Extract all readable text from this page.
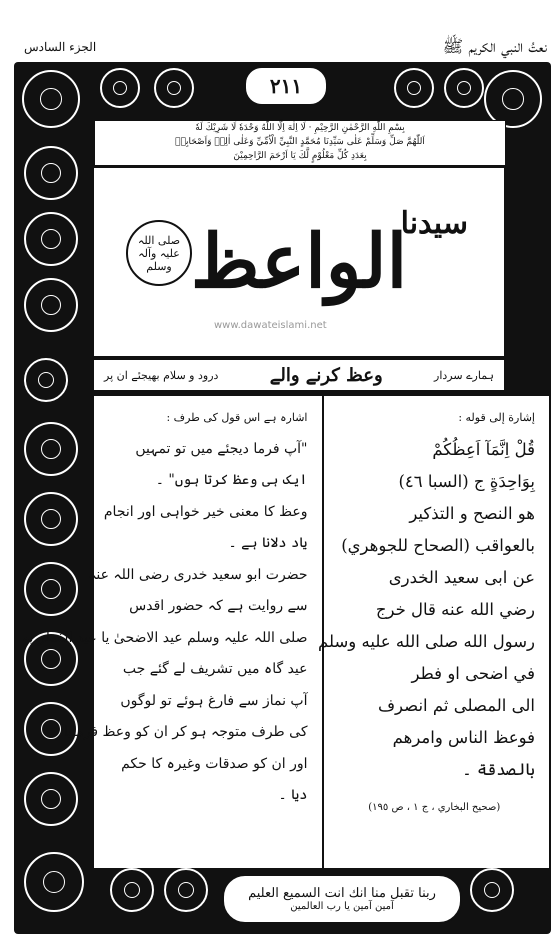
الجزء السادس	نعتُ النبي الكريم ﷺ
٢١١
بِسْمِ اللّٰهِ الرَّحْمٰنِ الرَّحِيْمِ · لَا اِلٰهَ اِلَّا اللّٰهُ وَحْدَهٗ لَا شَرِيْكَ لَهٗ
اَللّٰهُمَّ صَلِّ وَسَلِّمْ عَلٰى سَيِّدِنَا مُحَمَّدٍ النَّبِيِّ الْاُمِّيِّ وَعَلٰى اٰلِهٖ وَاَصْحَابِهٖ
بِعَدَدِ كُلِّ مَعْلُوْمٍ لَّكَ يَا اَرْحَمَ الرَّاحِمِيْنَ
الواعظ
سیدنا
صلی اللہ علیہ وآلہ وسلم
www.dawateislami.net
ہمارے سردار
وعظ کرنے والے
درود و سلام بھیجئے ان پر
اشارہ ہے اس قول کی طرف :
"آپ فرما دیجئے میں تو تمہیں
ایک ہی وعظ کرتا ہوں" ۔
وعظ کا معنی خیر خواہی اور انجام
یاد دلانا ہے ۔
حضرت ابو سعید خدری رضی اللہ عنہ
سے روایت ہے کہ حضور اقدس
صلی اللہ علیہ وسلم عید الاضحیٰ یا عید الفطر پہ
عید گاہ میں تشریف لے گئے جب
آپ نماز سے فارغ ہوئے تو لوگوں
کی طرف متوجہ ہو کر ان کو وعظ فرمایا
اور ان کو صدقات وغیرہ کا حکم
دیا ۔
إشارة إلى قوله :
قُلْ اِنَّمَآ اَعِظُكُمْ
بِوَاحِدَةٍ ج (السبا ٤٦)
هو النصح و التذكير
بالعواقب (الصحاح للجوهري)
عن ابى سعيد الخدرى
رضي الله عنه قال خرج
رسول الله صلى الله عليه وسلم
في اضحى او فطر
الى المصلى ثم انصرف
فوعظ الناس وامرهم
بالصدقة ۔
(صحيح البخاري ، ج ١ ، ص ١٩٥)
ربنا تقبل منا انك انت السميع العليم
آمین آمین یا رب العالمین
